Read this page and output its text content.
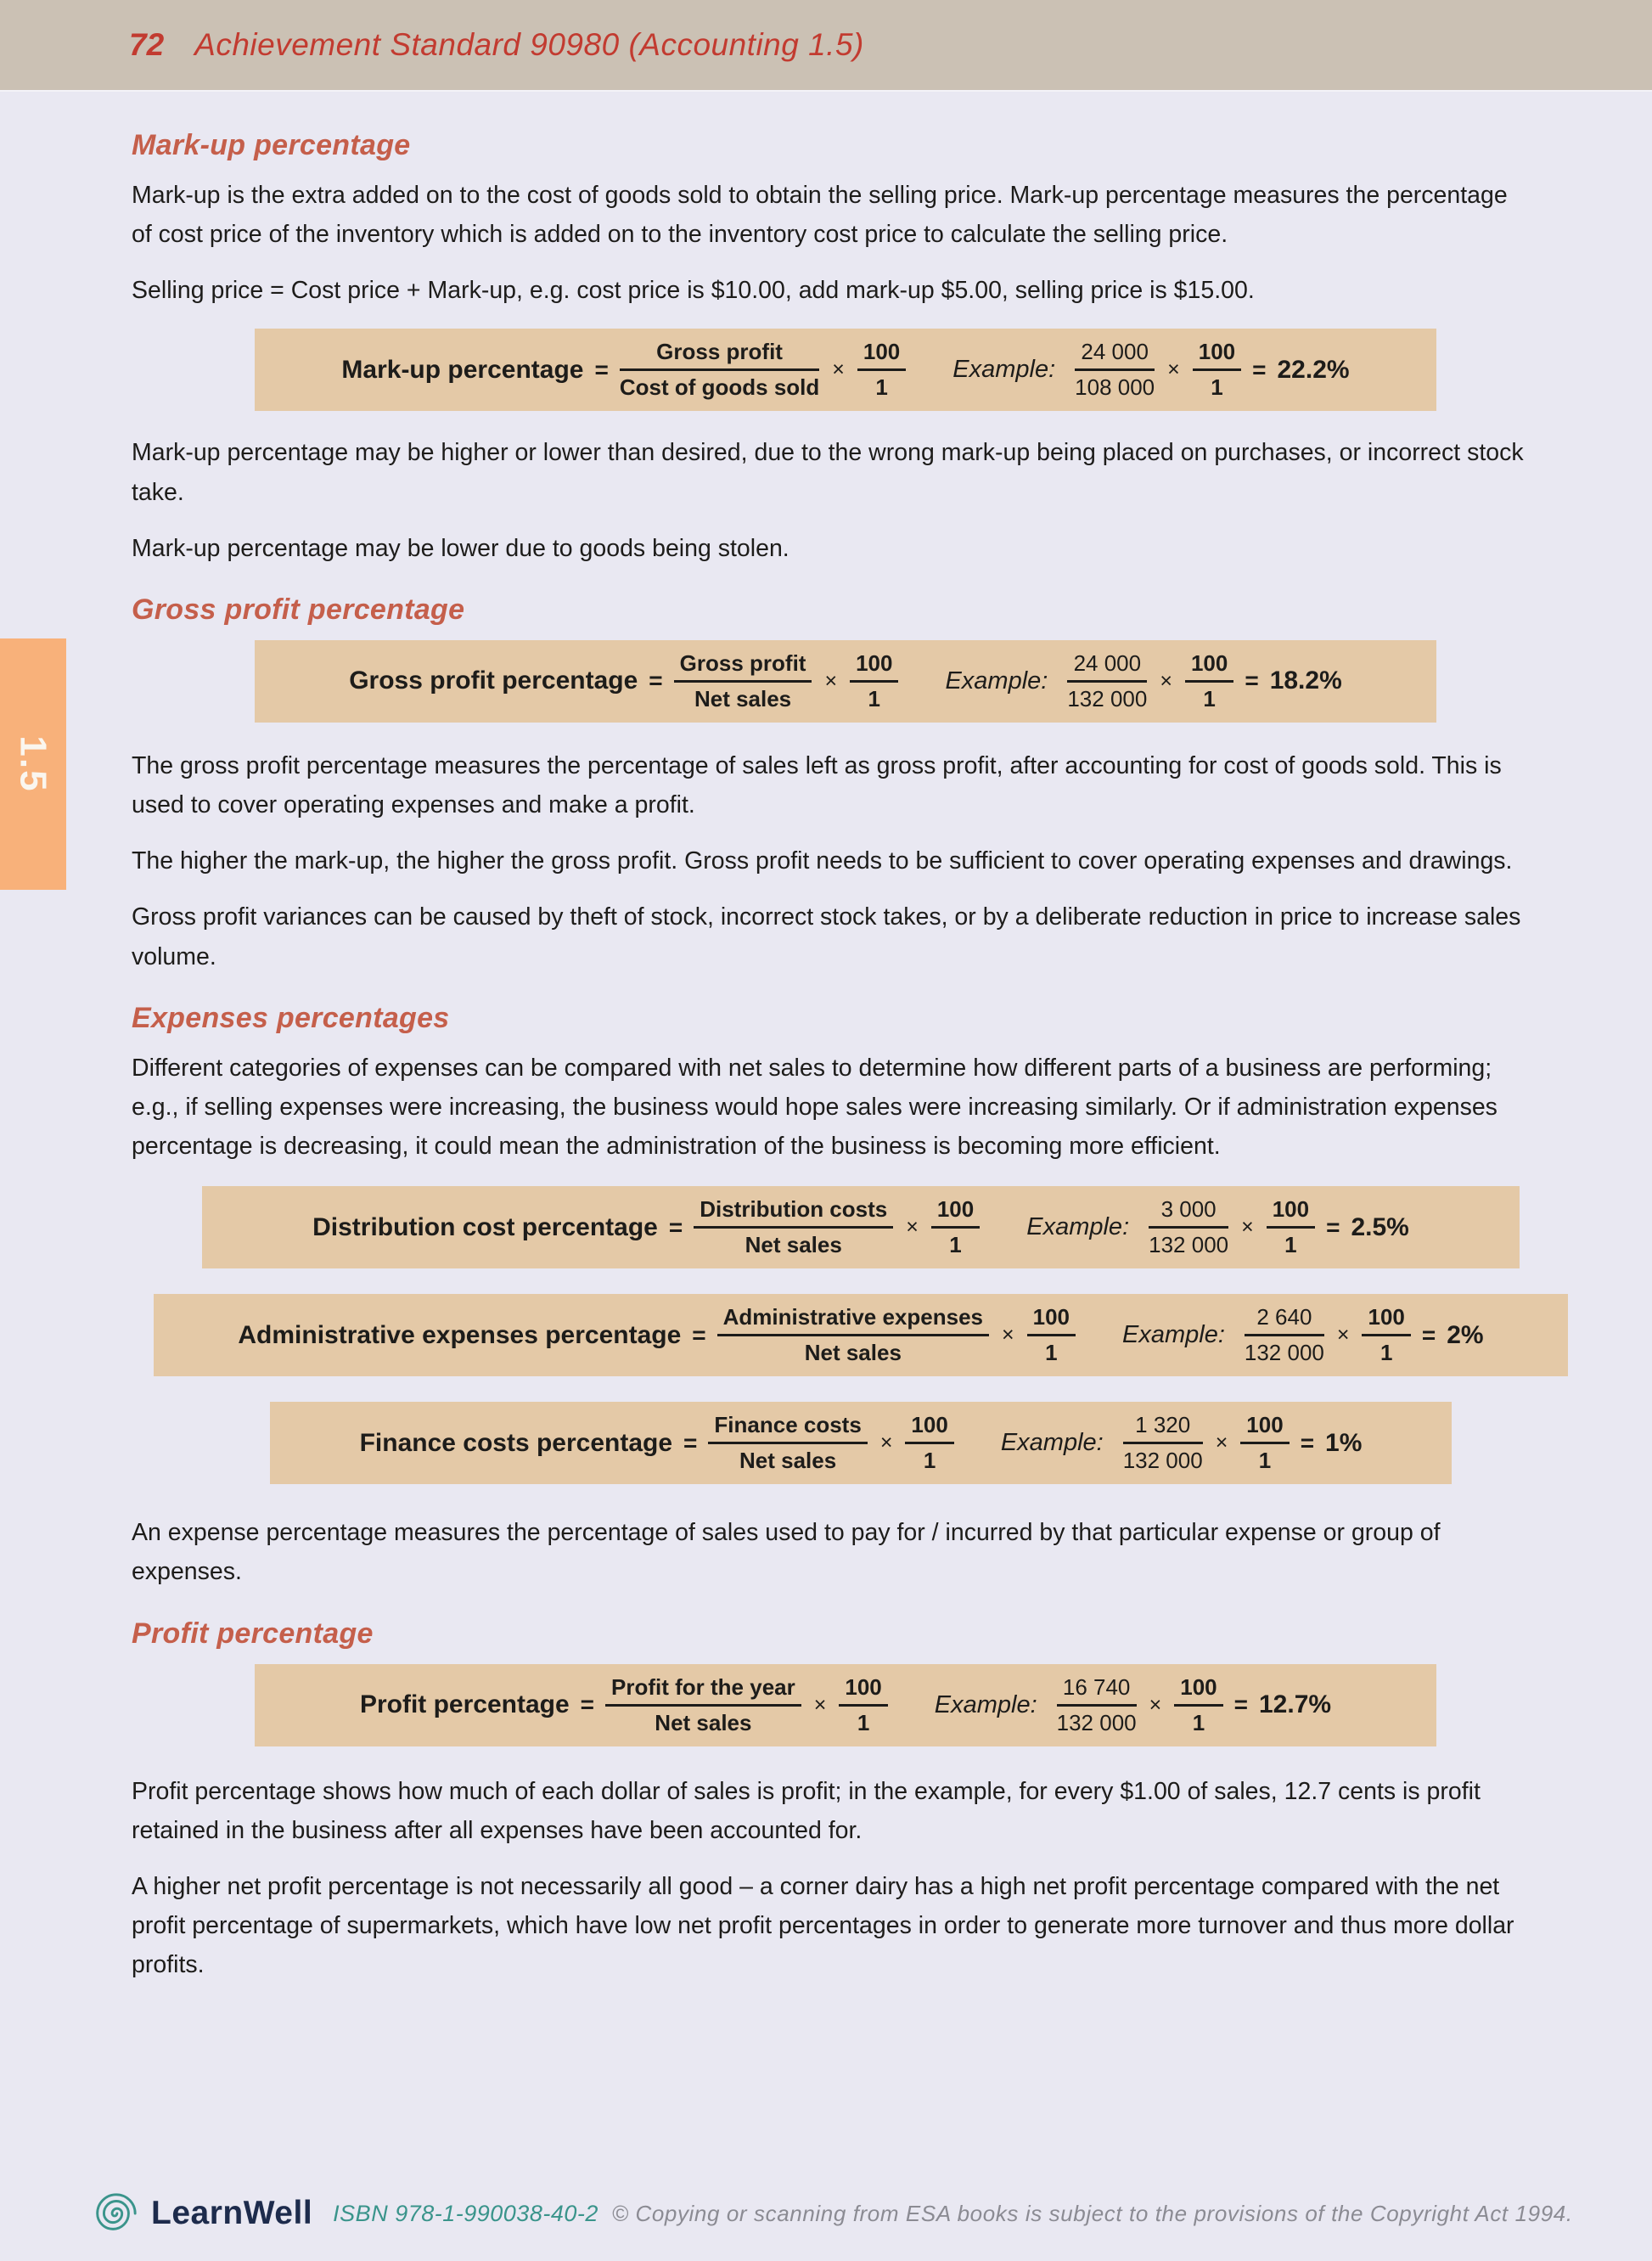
72 Achievement Standard 90980 (Accounting 1.5)
1.5
Mark-up percentage

Mark-up is the extra added on to the cost of goods sold to obtain the selling price. Mark-up percentage measures the percentage of cost price of the inventory which is added on to the inventory cost price to calculate the selling price.

Selling price = Cost price + Mark-up, e.g. cost price is $10.00, add mark-up $5.00, selling price is $15.00.

Mark-up percentage = $\frac{\text{Gross profit}}{\text{Cost of goods sold}} \times \frac{100}{1}$ Example: $\frac{24 000}{108 000} \times \frac{100}{1} = 22.2\%$

Mark-up percentage may be higher or lower than desired, due to the wrong mark-up being placed on purchases, or incorrect stock take.

Mark-up percentage may be lower due to goods being stolen.

Gross profit percentage
Gross profit percentage = $\frac{\text{Gross profit}}{\text{Net sales}} \times \frac{100}{1}$ Example: $\frac{24 000}{132 000} \times \frac{100}{1} = 18.2\%$

The gross profit percentage measures the percentage of sales left as gross profit, after accounting for cost of goods sold. This is used to cover operating expenses and make a profit.

The higher the mark-up, the higher the gross profit. Gross profit needs to be sufficient to cover operating expenses and drawings.

Gross profit variances can be caused by theft of stock, incorrect stock takes, or by a deliberate reduction in price to increase sales volume.

Expenses percentages

Different categories of expenses can be compared with net sales to determine how different parts of a business are performing; e.g., if selling expenses were increasing, the business would hope sales were increasing similarly. Or if administration expenses percentage is decreasing, it could mean the administration of the business is becoming more efficient.

Distribution cost percentage = $\frac{\text{Distribution costs}}{\text{Net sales}} \times \frac{100}{1}$ Example: $\frac{3 000}{132 000} \times \frac{100}{1} = 2.5\%$
Administrative expenses percentage = $\frac{\text{Administrative expenses}}{\text{Net sales}} \times \frac{100}{1}$ Example: $\frac{2 640}{132 000} \times \frac{100}{1} = 2\%$
Finance costs percentage = $\frac{\text{Finance costs}}{\text{Net sales}} \times \frac{100}{1}$ Example: $\frac{1 320}{132 000} \times \frac{100}{1} = 1\%$

An expense percentage measures the percentage of sales used to pay for / incurred by that particular expense or group of expenses.

Profit percentage
Profit percentage = $\frac{\text{Profit for the year}}{\text{Net sales}} \times \frac{100}{1}$ Example: $\frac{16 740}{132 000} \times \frac{100}{1} = 12.7\%$

Profit percentage shows how much of each dollar of sales is profit; in the example, for every $1.00 of sales, 12.7 cents is profit retained in the business after all expenses have been accounted for.

A higher net profit percentage is not necessarily all good – a corner dairy has a high net profit percentage compared with the net profit percentage of supermarkets, which have low net profit percentages in order to generate more turnover and thus more dollar profits.

LearnWell ISBN 978-1-990038-40-2 © Copying or scanning from ESA books is subject to the provisions of the Copyright Act 1994.
